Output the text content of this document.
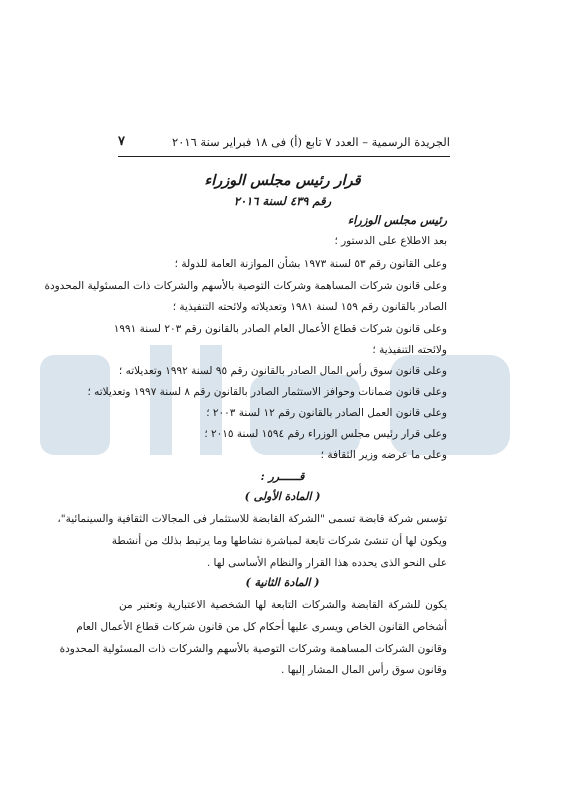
الجريدة الرسمية – العدد ٧ تابع (أ) فى ١٨ فبراير سنة ٢٠١٦
٧
قرار رئيس مجلس الوزراء
رقم ٤٣٩ لسنة ٢٠١٦
رئيس مجلس الوزراء
بعد الاطلاع على الدستور ؛
وعلى القانون رقم ٥٣ لسنة ١٩٧٣ بشأن الموازنة العامة للدولة ؛
وعلى قانون شركات المساهمة وشركات التوصية بالأسهم والشركات ذات المسئولية المحدودة
الصادر بالقانون رقم ١٥٩ لسنة ١٩٨١ وتعديلاته ولائحته التنفيذية ؛
وعلى قانون شركات قطاع الأعمال العام الصادر بالقانون رقم ٢٠٣ لسنة ١٩٩١
ولائحته التنفيذية ؛
وعلى قانون سوق رأس المال الصادر بالقانون رقم ٩٥ لسنة ١٩٩٢ وتعديلاته ؛
وعلى قانون ضمانات وحوافز الاستثمار الصادر بالقانون رقم ٨ لسنة ١٩٩٧ وتعديلاته ؛
وعلى قانون العمل الصادر بالقانون رقم ١٢ لسنة ٢٠٠٣ ؛
وعلى قرار رئيس مجلس الوزراء رقم ١٥٩٤ لسنة ٢٠١٥ ؛
وعلى ما عرضه وزير الثقافة ؛
قــــــرر :
( المادة الأولى )
تؤسس شركة قابضة تسمى "الشركة القابضة للاستثمار فى المجالات الثقافية والسينمائية"،
ويكون لها أن تنشئ شركات تابعة لمباشرة نشاطها وما يرتبط بذلك من أنشطة
على النحو الذى يحدده هذا القرار والنظام الأساسى لها .
( المادة الثانية )
يكون للشركة القابضة والشركات التابعة لها الشخصية الاعتبارية وتعتبر من
أشخاص القانون الخاص ويسرى عليها أحكام كل من قانون شركات قطاع الأعمال العام
وقانون الشركات المساهمة وشركات التوصية بالأسهم والشركات ذات المسئولية المحدودة
وقانون سوق رأس المال المشار إليها .
